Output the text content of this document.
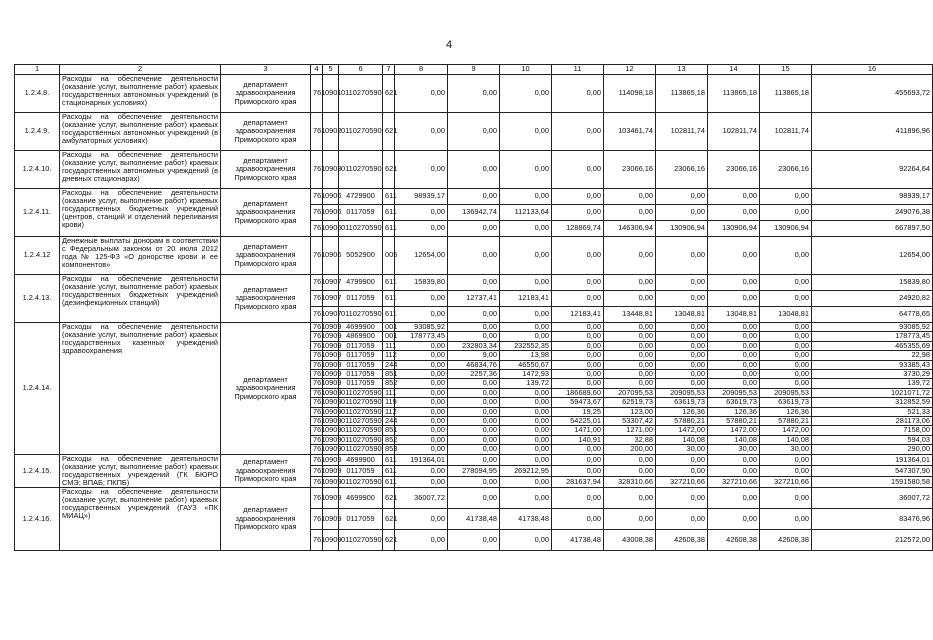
4
1	2	3	4	5	6	7	8	9	10	11	12	13	14	15	16
1.2.4.8.	Расходы на обеспечение деятельности (оказание услуг, выполнение работ) краевых государственных автономных учреждений (в стационарных условиях)	департамент здравоохранения Приморского края	761	0901	0110270590	621	0,00	0,00	0,00	0,00	114098,18	113865,18	113865,18	113865,18	455693,72
1.2.4.9.	Расходы на обеспечение деятельности (оказание услуг, выполнение работ) краевых государственных автономных учреждений (в амбулаторных условиях)	департамент здравоохранения Приморского края	761	0902	0110270590	621	0,00	0,00	0,00	0,00	103461,74	102811,74	102811,74	102811,74	411896,96
1.2.4.10.	Расходы на обеспечение деятельности (оказание услуг, выполнение работ) краевых государственных автономных учреждений (в дневных стационарах)	департамент здравоохранения Приморского края	761	0903	0110270590	621	0,00	0,00	0,00	0,00	23066,16	23066,16	23066,16	23066,16	92264,64
1.2.4.11.	Расходы на обеспечение деятельности (оказание услуг, выполнение работ) краевых государственных бюджетных учреждений (центров, станций и отделений переливания крови)	департамент здравоохранения Приморского края	761	0906	4729900	611	98939,17	0,00	0,00	0,00	0,00	0,00	0,00	0,00	98939,17
			761	0906	0117059	611	0,00	136942,74	112133,64	0,00	0,00	0,00	0,00	0,00	249076,38
			761	0906	0110270590	611	0,00	0,00	0,00	128869,74	146306,94	130906,94	130906,94	130906,94	667897,50
1.2.4.12	Денежные выплаты донорам в соответствии с Федеральным законом от 20 июля 2012 года № 125-ФЗ «О донорстве крови и ее компонентов»	департамент здравоохранения Приморского края	761	0906	5052900	005	12654,00	0,00	0,00	0,00	0,00	0,00	0,00	0,00	12654,00
1.2.4.13.	Расходы на обеспечение деятельности (оказание услуг, выполнение работ) краевых государственных бюджетных учреждений (дезинфекционных станций)	департамент здравоохранения Приморского края	761	0907	4799900	611	15839,80	0,00	0,00	0,00	0,00	0,00	0,00	0,00	15839,80
			761	0907	0117059	611	0,00	12737,41	12183,41	0,00	0,00	0,00	0,00	0,00	24920,82
			761	0907	0110270590	611	0,00	0,00	0,00	12183,41	13448,81	13048,81	13048,81	13048,81	64778,65
1.2.4.14.	Расходы на обеспечение деятельности (оказание услуг, выполнение работ) краевых государственных казенных учреждений здравоохранения	департамент здравоохранения Приморского края	761	0909	4699900	001	93085,92	0,00	0,00	0,00	0,00	0,00	0,00	0,00	93085,92
			761	0909	4869900	001	178773,45	0,00	0,00	0,00	0,00	0,00	0,00	0,00	178773,45
			761	0909	0117059	111	0,00	232803,34	232552,35	0,00	0,00	0,00	0,00	0,00	465355,69
			761	0909	0117059	112	0,00	9,00	13,98	0,00	0,00	0,00	0,00	0,00	22,98
			761	0909	0117059	244	0,00	46834,76	46550,67	0,00	0,00	0,00	0,00	0,00	93385,43
			761	0909	0117059	851	0,00	2257,36	1472,93	0,00	0,00	0,00	0,00	0,00	3730,29
			761	0909	0117059	852	0,00	0,00	139,72	0,00	0,00	0,00	0,00	0,00	139,72
			761	0909	0110270590	111	0,00	0,00	0,00	186689,60	207095,53	209095,53	209095,53	209095,53	1021071,72
			761	0909	0110270590	119	0,00	0,00	0,00	59473,67	62519,73	63619,73	63619,73	63619,73	312852,59
			761	0909	0110270590	112	0,00	0,00	0,00	19,25	123,00	126,36	126,36	126,36	521,33
			761	0909	0110270590	244	0,00	0,00	0,00	54225,01	53307,42	57880,21	57880,21	57880,21	281173,06
			761	0909	0110270590	851	0,00	0,00	0,00	1471,00	1271,00	1472,00	1472,00	1472,00	7158,00
			761	0909	0110270590	852	0,00	0,00	0,00	140,91	32,88	140,08	140,08	140,08	594,03
			761	0909	0110270590	853	0,00	0,00	0,00	0,00	200,00	30,00	30,00	30,00	290,00
1.2.4.15.	Расходы на обеспечение деятельности (оказание услуг, выполнение работ) краевых государственных учреждений (ГК БЮРО СМЭ; ВПАБ; ПКПБ)	департамент здравоохранения Приморского края	761	0909	4699900	611	191364,01	0,00	0,00	0,00	0,00	0,00	0,00	0,00	191364,01
			761	0909	0117059	611	0,00	278094,95	269212,95	0,00	0,00	0,00	0,00	0,00	547307,90
			761	0909	0110270590	611	0,00	0,00	0,00	281637,94	328310,66	327210,66	327210,66	327210,66	1591580,58
1.2.4.16.	Расходы на обеспечение деятельности (оказание услуг, выполнение работ) краевых государственных учреждений (ГАУЗ «ПК МИАЦ»)	департамент здравоохранения Приморского края	761	0909	4699900	621	36007,72	0,00	0,00	0,00	0,00	0,00	0,00	0,00	36007,72
			761	0909	0117059	621	0,00	41738,48	41738,48	0,00	0,00	0,00	0,00	0,00	83476,96
			761	0909	0110270590	621	0,00	0,00	0,00	41738,48	43008,38	42608,38	42608,38	42608,38	212572,00
